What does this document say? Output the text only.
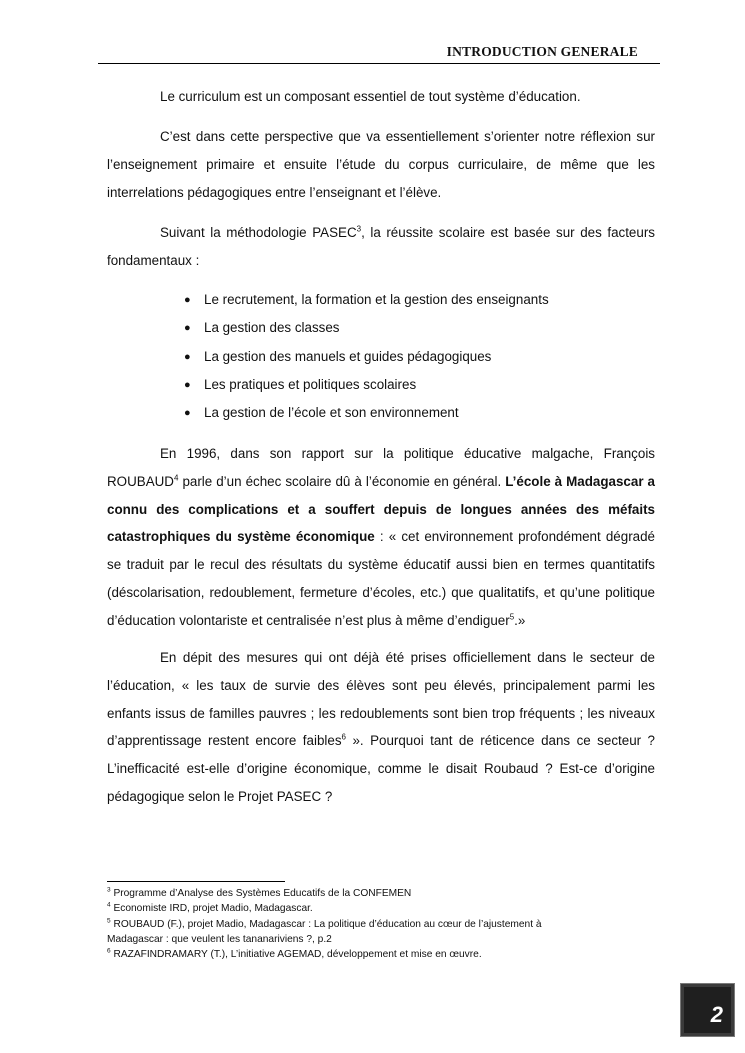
INTRODUCTION GENERALE

Le curriculum est un composant essentiel de tout système d’éducation.

C’est dans cette perspective que va essentiellement s’orienter notre réflexion sur l’enseignement primaire et ensuite l’étude du corpus curriculaire, de même que les interrelations pédagogiques entre l’enseignant et l’élève.

Suivant la méthodologie PASEC$^3$, la réussite scolaire est basée sur des facteurs fondamentaux :

● Le recrutement, la formation et la gestion des enseignants
● La gestion des classes
● La gestion des manuels et guides pédagogiques
● Les pratiques et politiques scolaires
● La gestion de l’école et son environnement

En 1996, dans son rapport sur la politique éducative malgache, François ROUBAUD$^4$ parle d’un échec scolaire dû à l’économie en général. L’école à Madagascar a connu des complications et a souffert depuis de longues années des méfaits catastrophiques du système économique : « cet environnement profondément dégradé se traduit par le recul des résultats du système éducatif aussi bien en termes quantitatifs (déscolarisation, redoublement, fermeture d’écoles, etc.) que qualitatifs, et qu’une politique d’éducation volontariste et centralisée n’est plus à même d’endiguer$^5$.»

En dépit des mesures qui ont déjà été prises officiellement dans le secteur de l’éducation, « les taux de survie des élèves sont peu élevés, principalement parmi les enfants issus de familles pauvres ; les redoublements sont bien trop fréquents ; les niveaux d’apprentissage restent encore faibles$^6$ ». Pourquoi tant de réticence dans ce secteur ? L’inefficacité est-elle d’origine économique, comme le disait Roubaud ? Est-ce d’origine pédagogique selon le Projet PASEC ?

$^3$ Programme d’Analyse des Systèmes Educatifs de la CONFEMEN
$^4$ Economiste IRD, projet Madio, Madagascar.
$^5$ ROUBAUD (F.), projet Madio, Madagascar : La politique d’éducation au cœur de l’ajustement à
Madagascar : que veulent les tananariviens ?, p.2
$^6$ RAZAFINDRAMARY (T.), L’initiative AGEMAD, développement et mise en œuvre.
2
